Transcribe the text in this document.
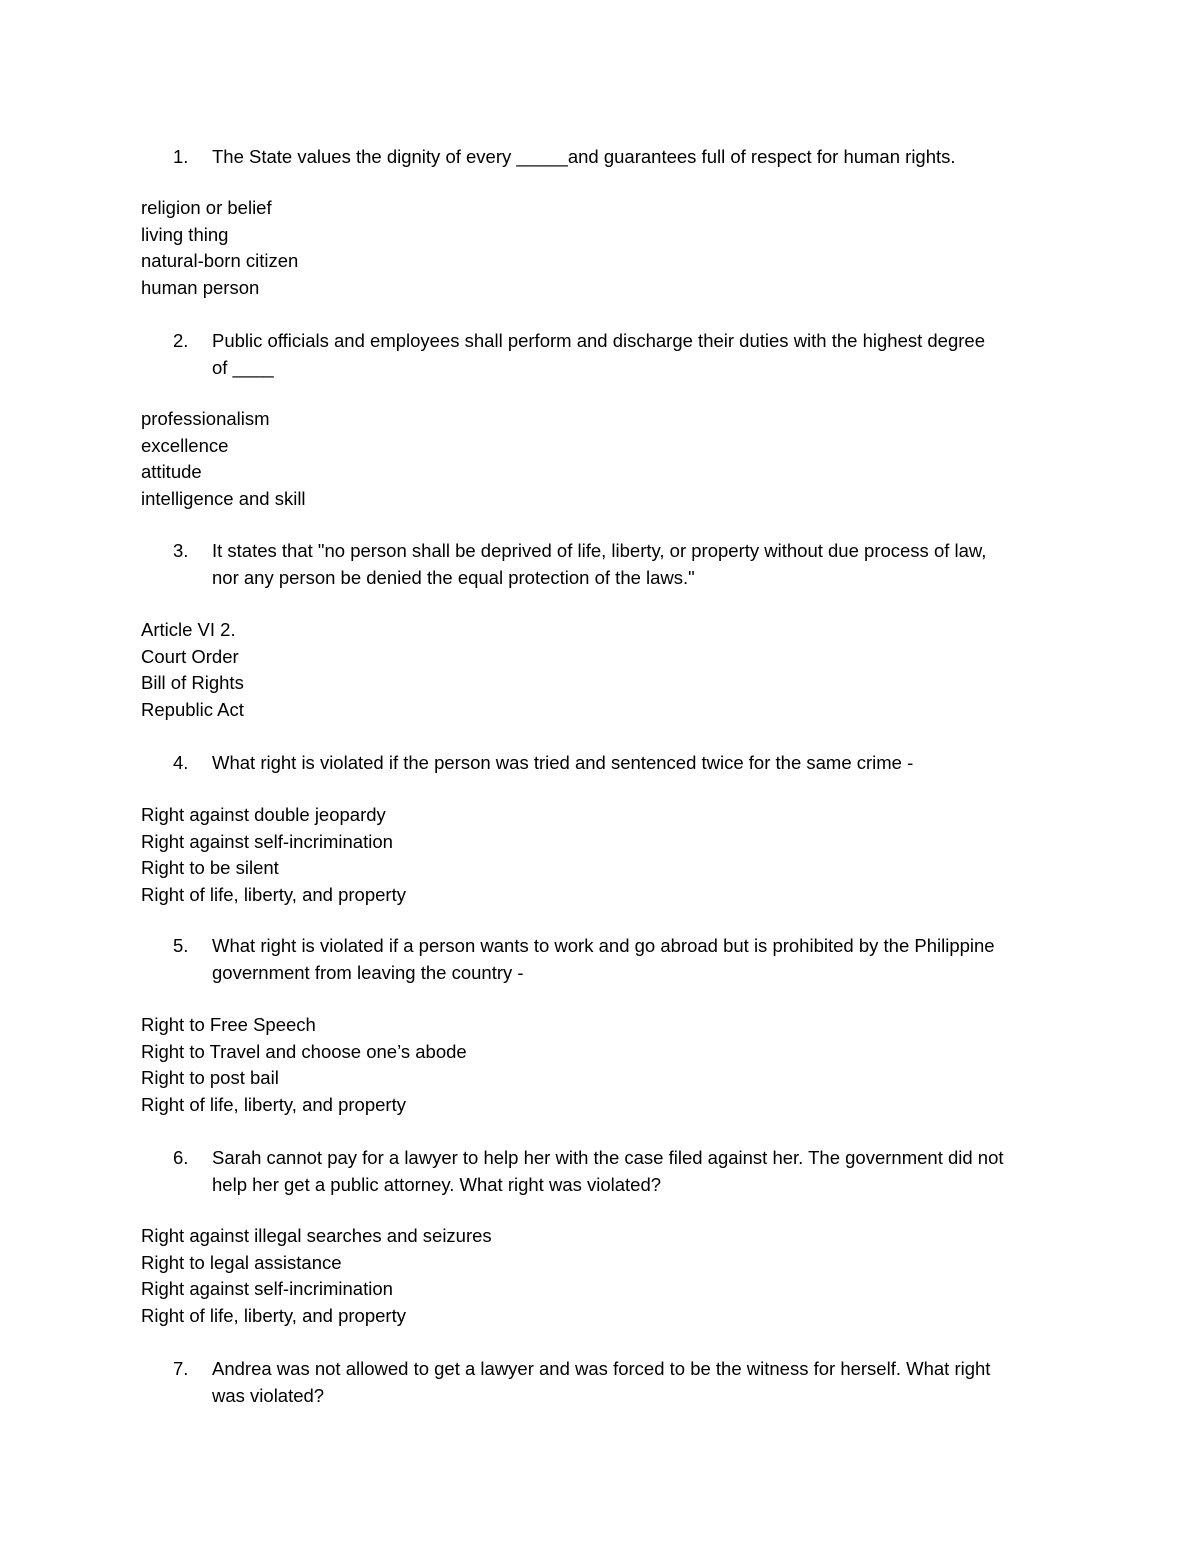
1. The State values the dignity of every _____and guarantees full of respect for human rights.
religion or belief
living thing
natural-born citizen
human person
2. Public officials and employees shall perform and discharge their duties with the highest degree
of ____
professionalism
excellence
attitude
intelligence and skill
3. It states that "no person shall be deprived of life, liberty, or property without due process of law,
nor any person be denied the equal protection of the laws."
Article VI 2.
Court Order
Bill of Rights
Republic Act
4. What right is violated if the person was tried and sentenced twice for the same crime -
Right against double jeopardy
Right against self-incrimination
Right to be silent
Right of life, liberty, and property
5. What right is violated if a person wants to work and go abroad but is prohibited by the Philippine
government from leaving the country -
Right to Free Speech
Right to Travel and choose one’s abode
Right to post bail
Right of life, liberty, and property
6. Sarah cannot pay for a lawyer to help her with the case filed against her. The government did not
help her get a public attorney. What right was violated?
Right against illegal searches and seizures
Right to legal assistance
Right against self-incrimination
Right of life, liberty, and property
7. Andrea was not allowed to get a lawyer and was forced to be the witness for herself. What right
was violated?
